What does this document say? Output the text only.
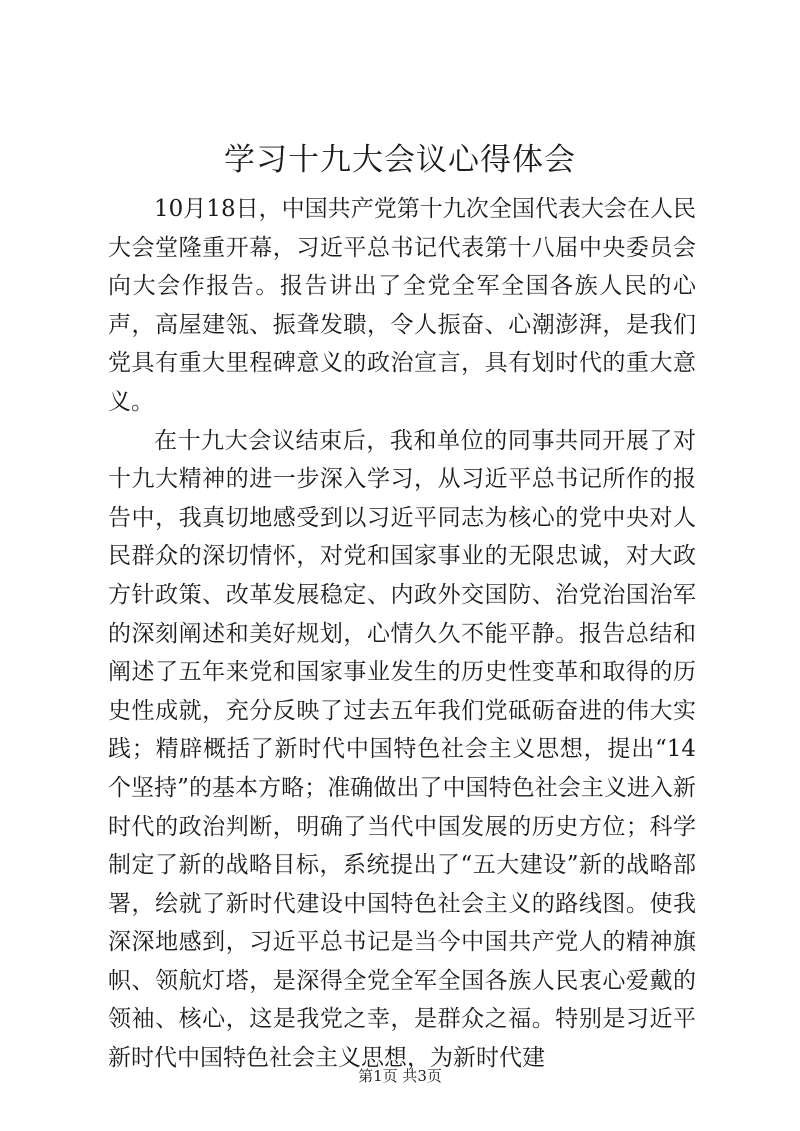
学习十九大会议心得体会

10月18日，中国共产党第十九次全国代表大会在人民大会堂隆重开幕，习近平总书记代表第十八届中央委员会向大会作报告。报告讲出了全党全军全国各族人民的心声，高屋建瓴、振聋发聩，令人振奋、心潮澎湃，是我们党具有重大里程碑意义的政治宣言，具有划时代的重大意义。

在十九大会议结束后，我和单位的同事共同开展了对十九大精神的进一步深入学习，从习近平总书记所作的报告中，我真切地感受到以习近平同志为核心的党中央对人民群众的深切情怀，对党和国家事业的无限忠诚，对大政方针政策、改革发展稳定、内政外交国防、治党治国治军的深刻阐述和美好规划，心情久久不能平静。报告总结和阐述了五年来党和国家事业发生的历史性变革和取得的历史性成就，充分反映了过去五年我们党砥砺奋进的伟大实践；精辟概括了新时代中国特色社会主义思想，提出“14个坚持”的基本方略；准确做出了中国特色社会主义进入新时代的政治判断，明确了当代中国发展的历史方位；科学制定了新的战略目标，系统提出了“五大建设”新的战略部署，绘就了新时代建设中国特色社会主义的路线图。使我深深地感到，习近平总书记是当今中国共产党人的精神旗帜、领航灯塔，是深得全党全军全国各族人民衷心爱戴的领袖、核心，这是我党之幸，是群众之福。特别是习近平新时代中国特色社会主义思想，为新时代建

第1页 共3页
